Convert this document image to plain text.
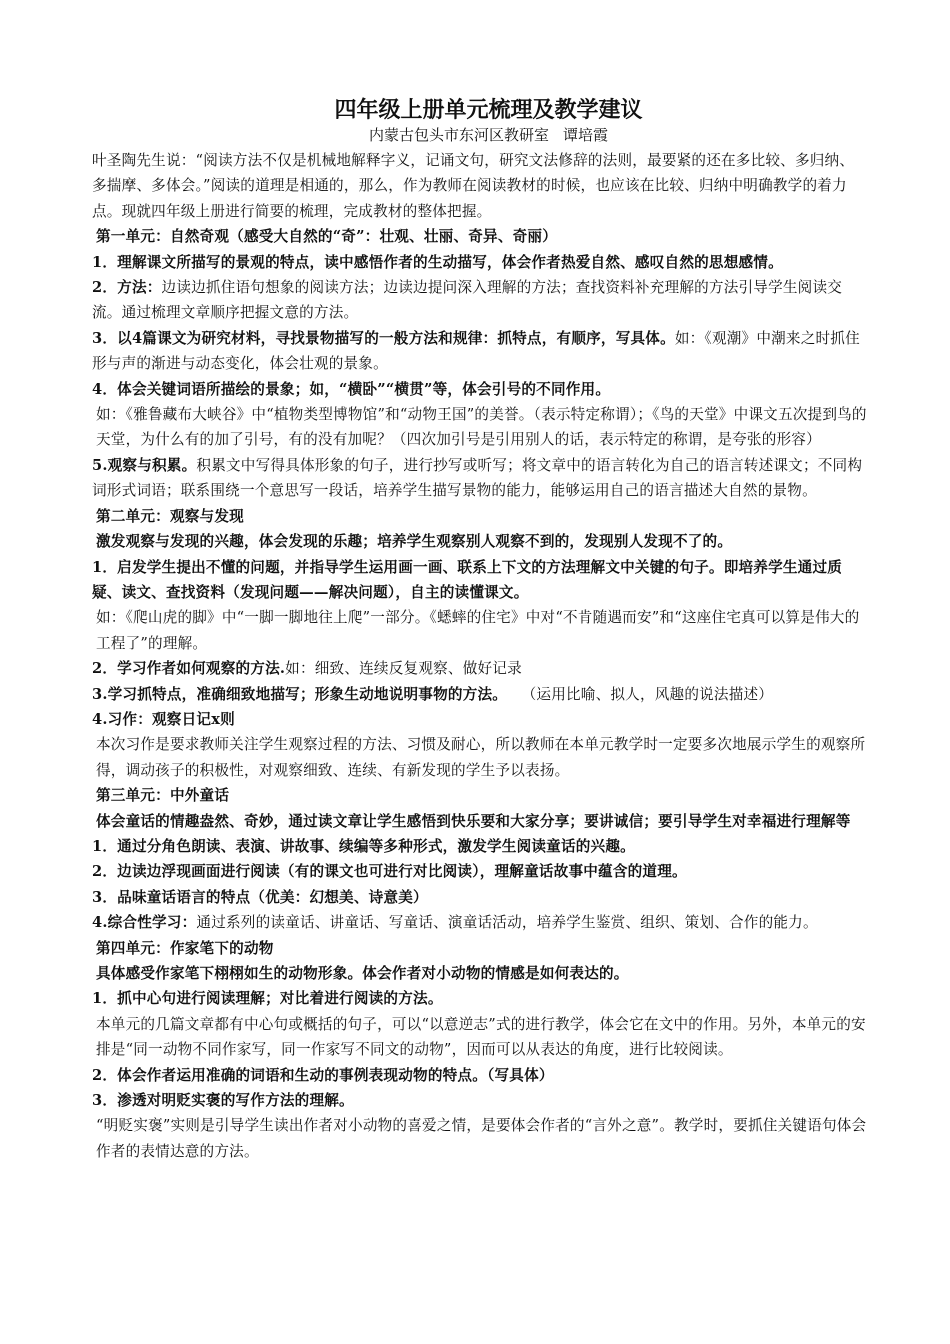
四年级上册单元梳理及教学建议

内蒙古包头市东河区教研室 谭培霞

叶圣陶先生说：“阅读方法不仅是机械地解释字义，记诵文句，研究文法修辞的法则，最要紧的还在多比较、多归纳、多揣摩、多体会。”阅读的道理是相通的，那么，作为教师在阅读教材的时候，也应该在比较、归纳中明确教学的着力点。现就四年级上册进行简要的梳理，完成教材的整体把握。

第一单元：自然奇观（感受大自然的“奇”：壮观、壮丽、奇异、奇丽）

1．理解课文所描写的景观的特点，读中感悟作者的生动描写，体会作者热爱自然、感叹自然的思想感情。

2．方法：边读边抓住语句想象的阅读方法；边读边提问深入理解的方法；查找资料补充理解的方法引导学生阅读交流。通过梳理文章顺序把握文意的方法。

3．以4篇课文为研究材料，寻找景物描写的一般方法和规律：抓特点，有顺序，写具体。如：《观潮》中潮来之时抓住形与声的渐进与动态变化，体会壮观的景象。

4．体会关键词语所描绘的景象；如，“横卧”“横贯”等，体会引号的不同作用。

如：《雅鲁藏布大峡谷》中“植物类型博物馆”和“动物王国”的美誉。（表示特定称谓）；《鸟的天堂》中课文五次提到鸟的天堂，为什么有的加了引号，有的没有加呢？（四次加引号是引用别人的话，表示特定的称谓，是夸张的形容）

5.观察与积累。积累文中写得具体形象的句子，进行抄写或听写；将文章中的语言转化为自己的语言转述课文；不同构词形式词语；联系围绕一个意思写一段话，培养学生描写景物的能力，能够运用自己的语言描述大自然的景物。

第二单元：观察与发现

激发观察与发现的兴趣，体会发现的乐趣；培养学生观察别人观察不到的，发现别人发现不了的。

1．启发学生提出不懂的问题，并指导学生运用画一画、联系上下文的方法理解文中关键的句子。即培养学生通过质疑、读文、查找资料（发现问题——解决问题），自主的读懂课文。

如：《爬山虎的脚》中“一脚一脚地往上爬”一部分。《蟋蟀的住宅》中对“不肯随遇而安”和“这座住宅真可以算是伟大的工程了”的理解。

2．学习作者如何观察的方法.如：细致、连续反复观察、做好记录

3.学习抓特点，准确细致地描写；形象生动地说明事物的方法。 （运用比喻、拟人，风趣的说法描述）

4.习作：观察日记x则

本次习作是要求教师关注学生观察过程的方法、习惯及耐心，所以教师在本单元教学时一定要多次地展示学生的观察所得，调动孩子的积极性，对观察细致、连续、有新发现的学生予以表扬。

第三单元：中外童话

体会童话的情趣盎然、奇妙，通过读文章让学生感悟到快乐要和大家分享；要讲诚信；要引导学生对幸福进行理解等

1．通过分角色朗读、表演、讲故事、续编等多种形式，激发学生阅读童话的兴趣。

2．边读边浮现画面进行阅读（有的课文也可进行对比阅读），理解童话故事中蕴含的道理。

3．品味童话语言的特点（优美：幻想美、诗意美）

4.综合性学习：通过系列的读童话、讲童话、写童话、演童话活动，培养学生鉴赏、组织、策划、合作的能力。

第四单元：作家笔下的动物

具体感受作家笔下栩栩如生的动物形象。体会作者对小动物的情感是如何表达的。

1．抓中心句进行阅读理解；对比着进行阅读的方法。

本单元的几篇文章都有中心句或概括的句子，可以“以意逆志”式的进行教学，体会它在文中的作用。另外，本单元的安排是“同一动物不同作家写，同一作家写不同文的动物”，因而可以从表达的角度，进行比较阅读。

2．体会作者运用准确的词语和生动的事例表现动物的特点。（写具体）

3．渗透对明贬实褒的写作方法的理解。

“明贬实褒”实则是引导学生读出作者对小动物的喜爱之情，是要体会作者的“言外之意”。教学时，要抓住关键语句体会作者的表情达意的方法。
